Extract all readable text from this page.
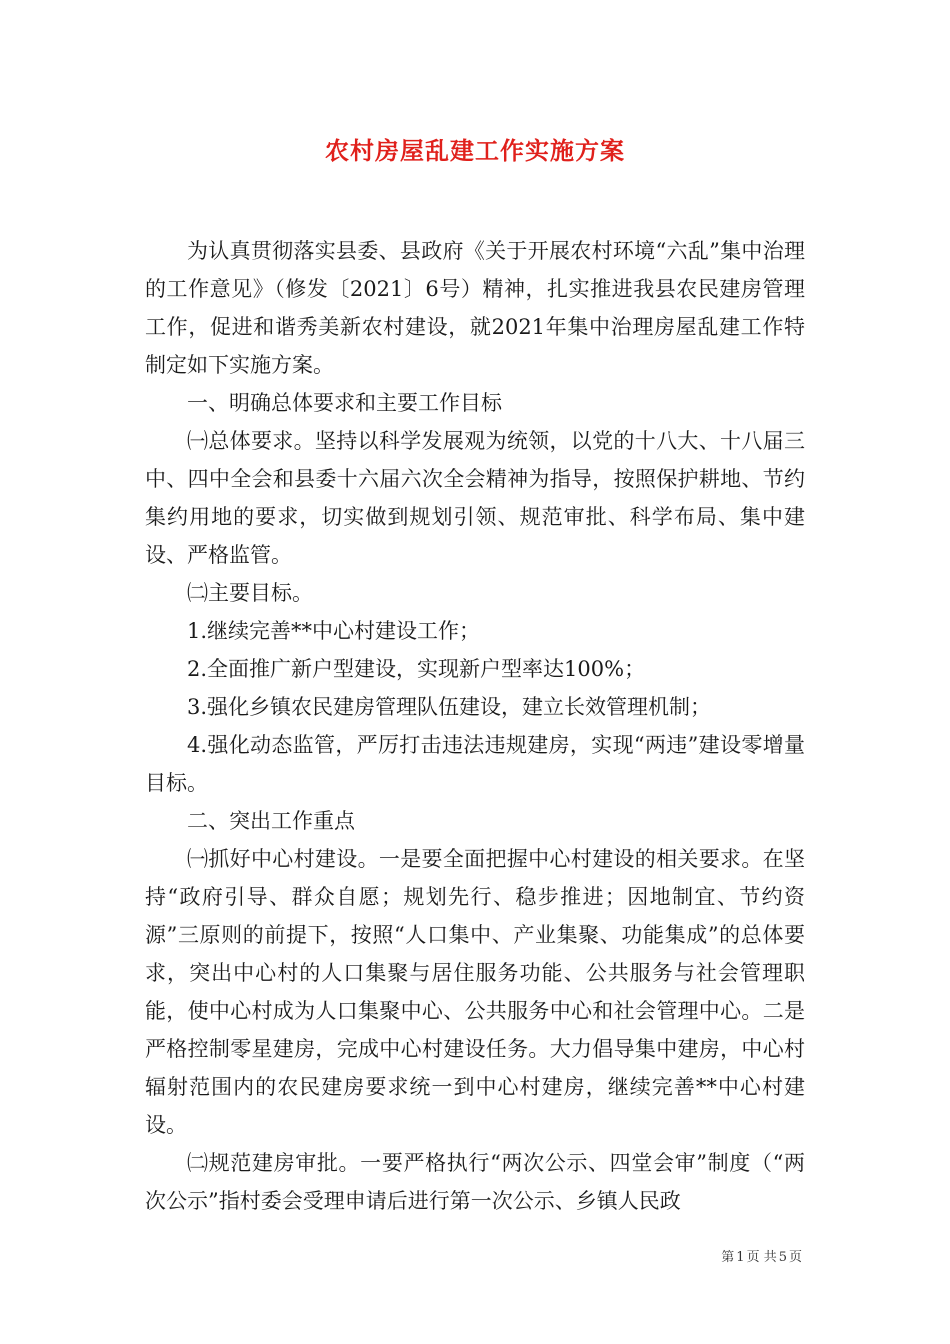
农村房屋乱建工作实施方案

为认真贯彻落实县委、县政府《关于开展农村环境“六乱”集中治理的工作意见》（修发〔2021〕6号）精神，扎实推进我县农民建房管理工作，促进和谐秀美新农村建设，就2021年集中治理房屋乱建工作特制定如下实施方案。

一、明确总体要求和主要工作目标

㈠总体要求。坚持以科学发展观为统领，以党的十八大、十八届三中、四中全会和县委十六届六次全会精神为指导，按照保护耕地、节约集约用地的要求，切实做到规划引领、规范审批、科学布局、集中建设、严格监管。

㈡主要目标。

1.继续完善**中心村建设工作；

2.全面推广新户型建设，实现新户型率达100%；

3.强化乡镇农民建房管理队伍建设，建立长效管理机制；

4.强化动态监管，严厉打击违法违规建房，实现“两违”建设零增量目标。

二、突出工作重点

㈠抓好中心村建设。一是要全面把握中心村建设的相关要求。在坚持“政府引导、群众自愿；规划先行、稳步推进；因地制宜、节约资源”三原则的前提下，按照“人口集中、产业集聚、功能集成”的总体要求，突出中心村的人口集聚与居住服务功能、公共服务与社会管理职能，使中心村成为人口集聚中心、公共服务中心和社会管理中心。二是严格控制零星建房，完成中心村建设任务。大力倡导集中建房，中心村辐射范围内的农民建房要求统一到中心村建房，继续完善**中心村建设。

㈡规范建房审批。一要严格执行“两次公示、四堂会审”制度（“两次公示”指村委会受理申请后进行第一次公示、乡镇人民政

第 1 页 共 5 页
